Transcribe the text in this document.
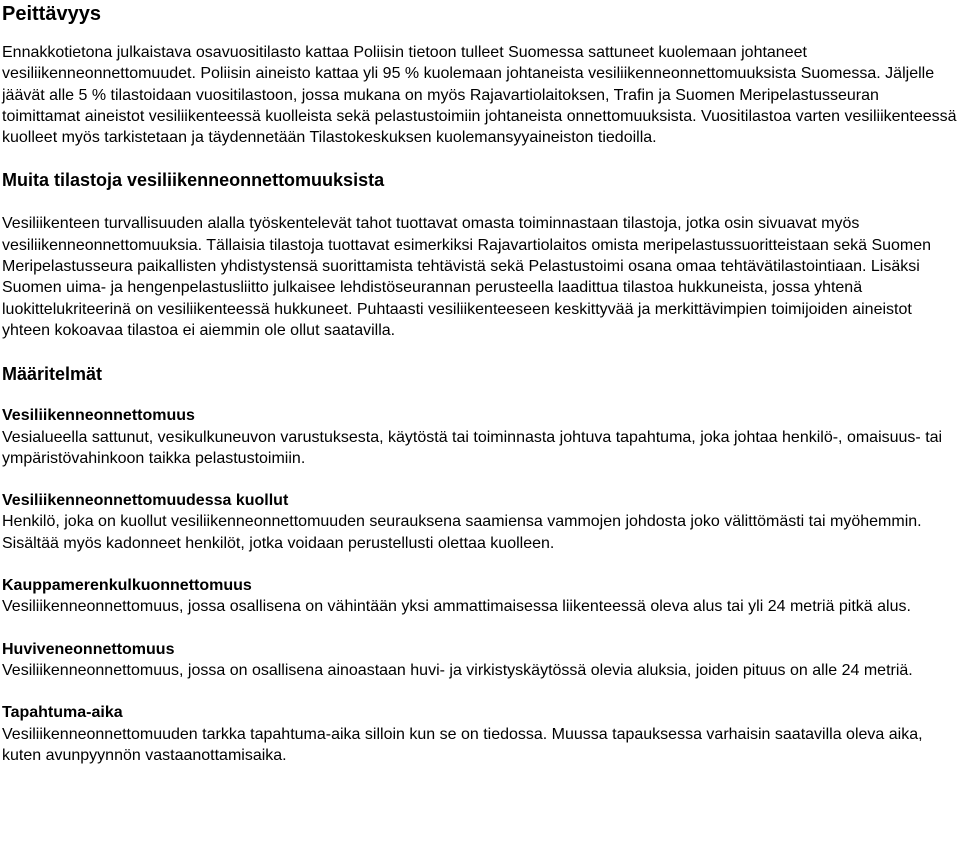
Peittävyys

Ennakkotietona julkaistava osavuositilasto kattaa Poliisin tietoon tulleet Suomessa sattuneet kuolemaan johtaneet vesiliikenneonnettomuudet. Poliisin aineisto kattaa yli 95 % kuolemaan johtaneista vesiliikenneonnettomuuksista Suomessa. Jäljelle jäävät alle 5 % tilastoidaan vuositilastoon, jossa mukana on myös Rajavartiolaitoksen, Trafin ja Suomen Meripelastusseuran toimittamat aineistot vesiliikenteessä kuolleista sekä pelastustoimiin johtaneista onnettomuuksista. Vuositilastoa varten vesiliikenteessä kuolleet myös tarkistetaan ja täydennetään Tilastokeskuksen kuolemansyyaineiston tiedoilla.

Muita tilastoja vesiliikenneonnettomuuksista

Vesiliikenteen turvallisuuden alalla työskentelevät tahot tuottavat omasta toiminnastaan tilastoja, jotka osin sivuavat myös vesiliikenneonnettomuuksia. Tällaisia tilastoja tuottavat esimerkiksi Rajavartiolaitos omista meripelastussuoritteistaan sekä Suomen Meripelastusseura paikallisten yhdistystensä suorittamista tehtävistä sekä Pelastustoimi osana omaa tehtävätilastointiaan. Lisäksi Suomen uima- ja hengenpelastusliitto julkaisee lehdistöseurannan perusteella laadittua tilastoa hukkuneista, jossa yhtenä luokittelukriteerinä on vesiliikenteessä hukkuneet. Puhtaasti vesiliikenteeseen keskittyvää ja merkittävimpien toimijoiden aineistot yhteen kokoavaa tilastoa ei aiemmin ole ollut saatavilla.

Määritelmät
Vesiliikenneonnettomuus
Vesialueella sattunut, vesikulkuneuvon varustuksesta, käytöstä tai toiminnasta johtuva tapahtuma, joka johtaa henkilö-, omaisuus- tai ympäristövahinkoon taikka pelastustoimiin.
Vesiliikenneonnettomuudessa kuollut
Henkilö, joka on kuollut vesiliikenneonnettomuuden seurauksena saamiensa vammojen johdosta joko välittömästi tai myöhemmin. Sisältää myös kadonneet henkilöt, jotka voidaan perustellusti olettaa kuolleen.
Kauppamerenkulkuonnettomuus
Vesiliikenneonnettomuus, jossa osallisena on vähintään yksi ammattimaisessa liikenteessä oleva alus tai yli 24 metriä pitkä alus.
Huviveneonnettomuus
Vesiliikenneonnettomuus, jossa on osallisena ainoastaan huvi- ja virkistyskäytössä olevia aluksia, joiden pituus on alle 24 metriä.
Tapahtuma-aika
Vesiliikenneonnettomuuden tarkka tapahtuma-aika silloin kun se on tiedossa. Muussa tapauksessa varhaisin saatavilla oleva aika, kuten avunpyynnön vastaanottamisaika.
